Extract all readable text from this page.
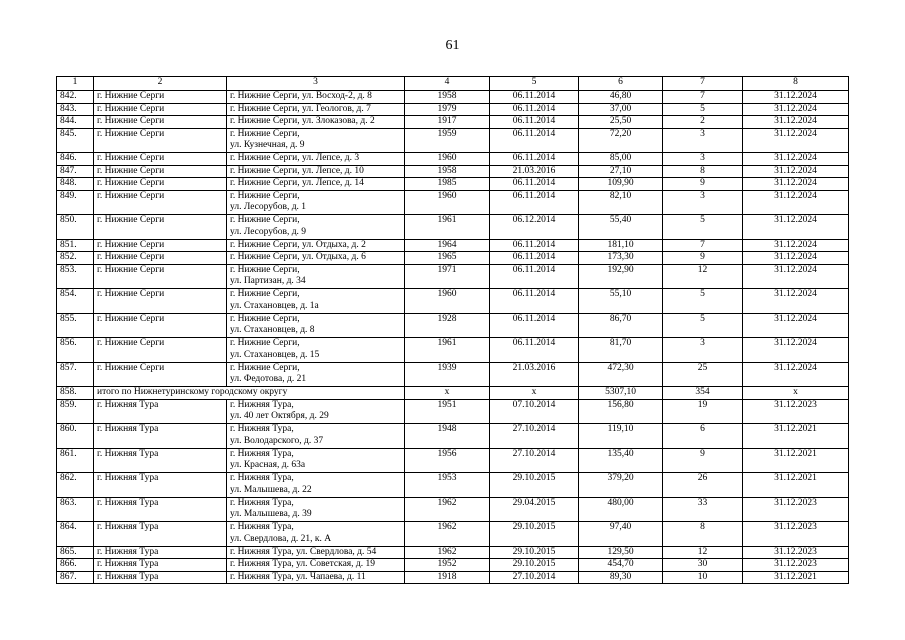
61
1	2	3	4	5	6	7	8
842.	г. Нижние Серги	г. Нижние Серги, ул. Восход-2, д. 8	1958	06.11.2014	46,80	7	31.12.2024
843.	г. Нижние Серги	г. Нижние Серги, ул. Геологов, д. 7	1979	06.11.2014	37,00	5	31.12.2024
844.	г. Нижние Серги	г. Нижние Серги, ул. Злоказова, д. 2	1917	06.11.2014	25,50	2	31.12.2024
845.	г. Нижние Серги	г. Нижние Серги,
ул. Кузнечная, д. 9	1959	06.11.2014	72,20	3	31.12.2024
846.	г. Нижние Серги	г. Нижние Серги, ул. Лепсе, д. 3	1960	06.11.2014	85,00	3	31.12.2024
847.	г. Нижние Серги	г. Нижние Серги, ул. Лепсе, д. 10	1958	21.03.2016	27,10	8	31.12.2024
848.	г. Нижние Серги	г. Нижние Серги, ул. Лепсе, д. 14	1985	06.11.2014	109,90	9	31.12.2024
849.	г. Нижние Серги	г. Нижние Серги,
ул. Лесорубов, д. 1	1960	06.11.2014	82,10	3	31.12.2024
850.	г. Нижние Серги	г. Нижние Серги,
ул. Лесорубов, д. 9	1961	06.12.2014	55,40	5	31.12.2024
851.	г. Нижние Серги	г. Нижние Серги, ул. Отдыха, д. 2	1964	06.11.2014	181,10	7	31.12.2024
852.	г. Нижние Серги	г. Нижние Серги, ул. Отдыха, д. 6	1965	06.11.2014	173,30	9	31.12.2024
853.	г. Нижние Серги	г. Нижние Серги,
ул. Партизан, д. 34	1971	06.11.2014	192,90	12	31.12.2024
854.	г. Нижние Серги	г. Нижние Серги,
ул. Стахановцев, д. 1а	1960	06.11.2014	55,10	5	31.12.2024
855.	г. Нижние Серги	г. Нижние Серги,
ул. Стахановцев, д. 8	1928	06.11.2014	86,70	5	31.12.2024
856.	г. Нижние Серги	г. Нижние Серги,
ул. Стахановцев, д. 15	1961	06.11.2014	81,70	3	31.12.2024
857.	г. Нижние Серги	г. Нижние Серги,
ул. Федотова, д. 21	1939	21.03.2016	472,30	25	31.12.2024
858.	итого по Нижнетуринскому городскому округу		x	x	5307,10	354	x
859.	г. Нижняя Тура	г. Нижняя Тура,
ул. 40 лет Октября, д. 29	1951	07.10.2014	156,80	19	31.12.2023
860.	г. Нижняя Тура	г. Нижняя Тура,
ул. Володарского, д. 37	1948	27.10.2014	119,10	6	31.12.2021
861.	г. Нижняя Тура	г. Нижняя Тура,
ул. Красная, д. 63а	1956	27.10.2014	135,40	9	31.12.2021
862.	г. Нижняя Тура	г. Нижняя Тура,
ул. Малышева, д. 22	1953	29.10.2015	379,20	26	31.12.2021
863.	г. Нижняя Тура	г. Нижняя Тура,
ул. Малышева, д. 39	1962	29.04.2015	480,00	33	31.12.2023
864.	г. Нижняя Тура	г. Нижняя Тура,
ул. Свердлова, д. 21, к. А	1962	29.10.2015	97,40	8	31.12.2023
865.	г. Нижняя Тура	г. Нижняя Тура, ул. Свердлова, д. 54	1962	29.10.2015	129,50	12	31.12.2023
866.	г. Нижняя Тура	г. Нижняя Тура, ул. Советская, д. 19	1952	29.10.2015	454,70	30	31.12.2023
867.	г. Нижняя Тура	г. Нижняя Тура, ул. Чапаева, д. 11	1918	27.10.2014	89,30	10	31.12.2021
